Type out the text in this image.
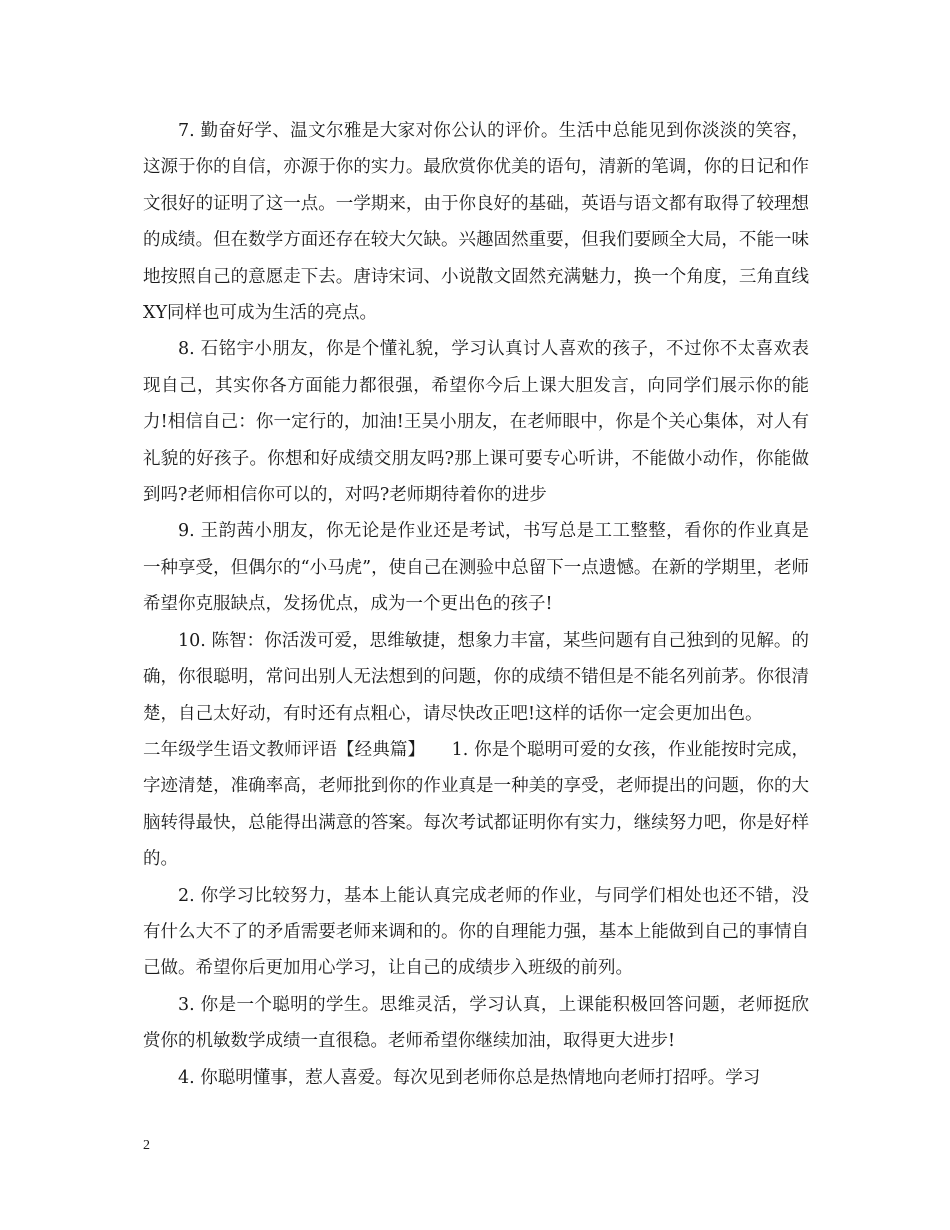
7. 勤奋好学、温文尔雅是大家对你公认的评价。生活中总能见到你淡淡的笑容，这源于你的自信，亦源于你的实力。最欣赏你优美的语句，清新的笔调，你的日记和作文很好的证明了这一点。一学期来，由于你良好的基础，英语与语文都有取得了较理想的成绩。但在数学方面还存在较大欠缺。兴趣固然重要，但我们要顾全大局，不能一味地按照自己的意愿走下去。唐诗宋词、小说散文固然充满魅力，换一个角度，三角直线XY同样也可成为生活的亮点。

8. 石铭宇小朋友，你是个懂礼貌，学习认真讨人喜欢的孩子，不过你不太喜欢表现自己，其实你各方面能力都很强，希望你今后上课大胆发言，向同学们展示你的能力!相信自己：你一定行的，加油!王昊小朋友，在老师眼中，你是个关心集体，对人有礼貌的好孩子。你想和好成绩交朋友吗?那上课可要专心听讲，不能做小动作，你能做到吗?老师相信你可以的，对吗?老师期待着你的进步

9. 王韵茜小朋友，你无论是作业还是考试，书写总是工工整整，看你的作业真是一种享受，但偶尔的“小马虎”，使自己在测验中总留下一点遗憾。在新的学期里，老师希望你克服缺点，发扬优点，成为一个更出色的孩子!

10. 陈智：你活泼可爱，思维敏捷，想象力丰富，某些问题有自己独到的见解。的确，你很聪明，常问出别人无法想到的问题，你的成绩不错但是不能名列前茅。你很清楚，自己太好动，有时还有点粗心，请尽快改正吧!这样的话你一定会更加出色。

二年级学生语文教师评语【经典篇】　　1. 你是个聪明可爱的女孩，作业能按时完成，字迹清楚，准确率高，老师批到你的作业真是一种美的享受，老师提出的问题，你的大脑转得最快，总能得出满意的答案。每次考试都证明你有实力，继续努力吧，你是好样的。

2. 你学习比较努力，基本上能认真完成老师的作业，与同学们相处也还不错，没有什么大不了的矛盾需要老师来调和的。你的自理能力强，基本上能做到自己的事情自己做。希望你后更加用心学习，让自己的成绩步入班级的前列。

3. 你是一个聪明的学生。思维灵活，学习认真，上课能积极回答问题，老师挺欣赏你的机敏数学成绩一直很稳。老师希望你继续加油，取得更大进步!

4. 你聪明懂事，惹人喜爱。每次见到老师你总是热情地向老师打招呼。学习

2
